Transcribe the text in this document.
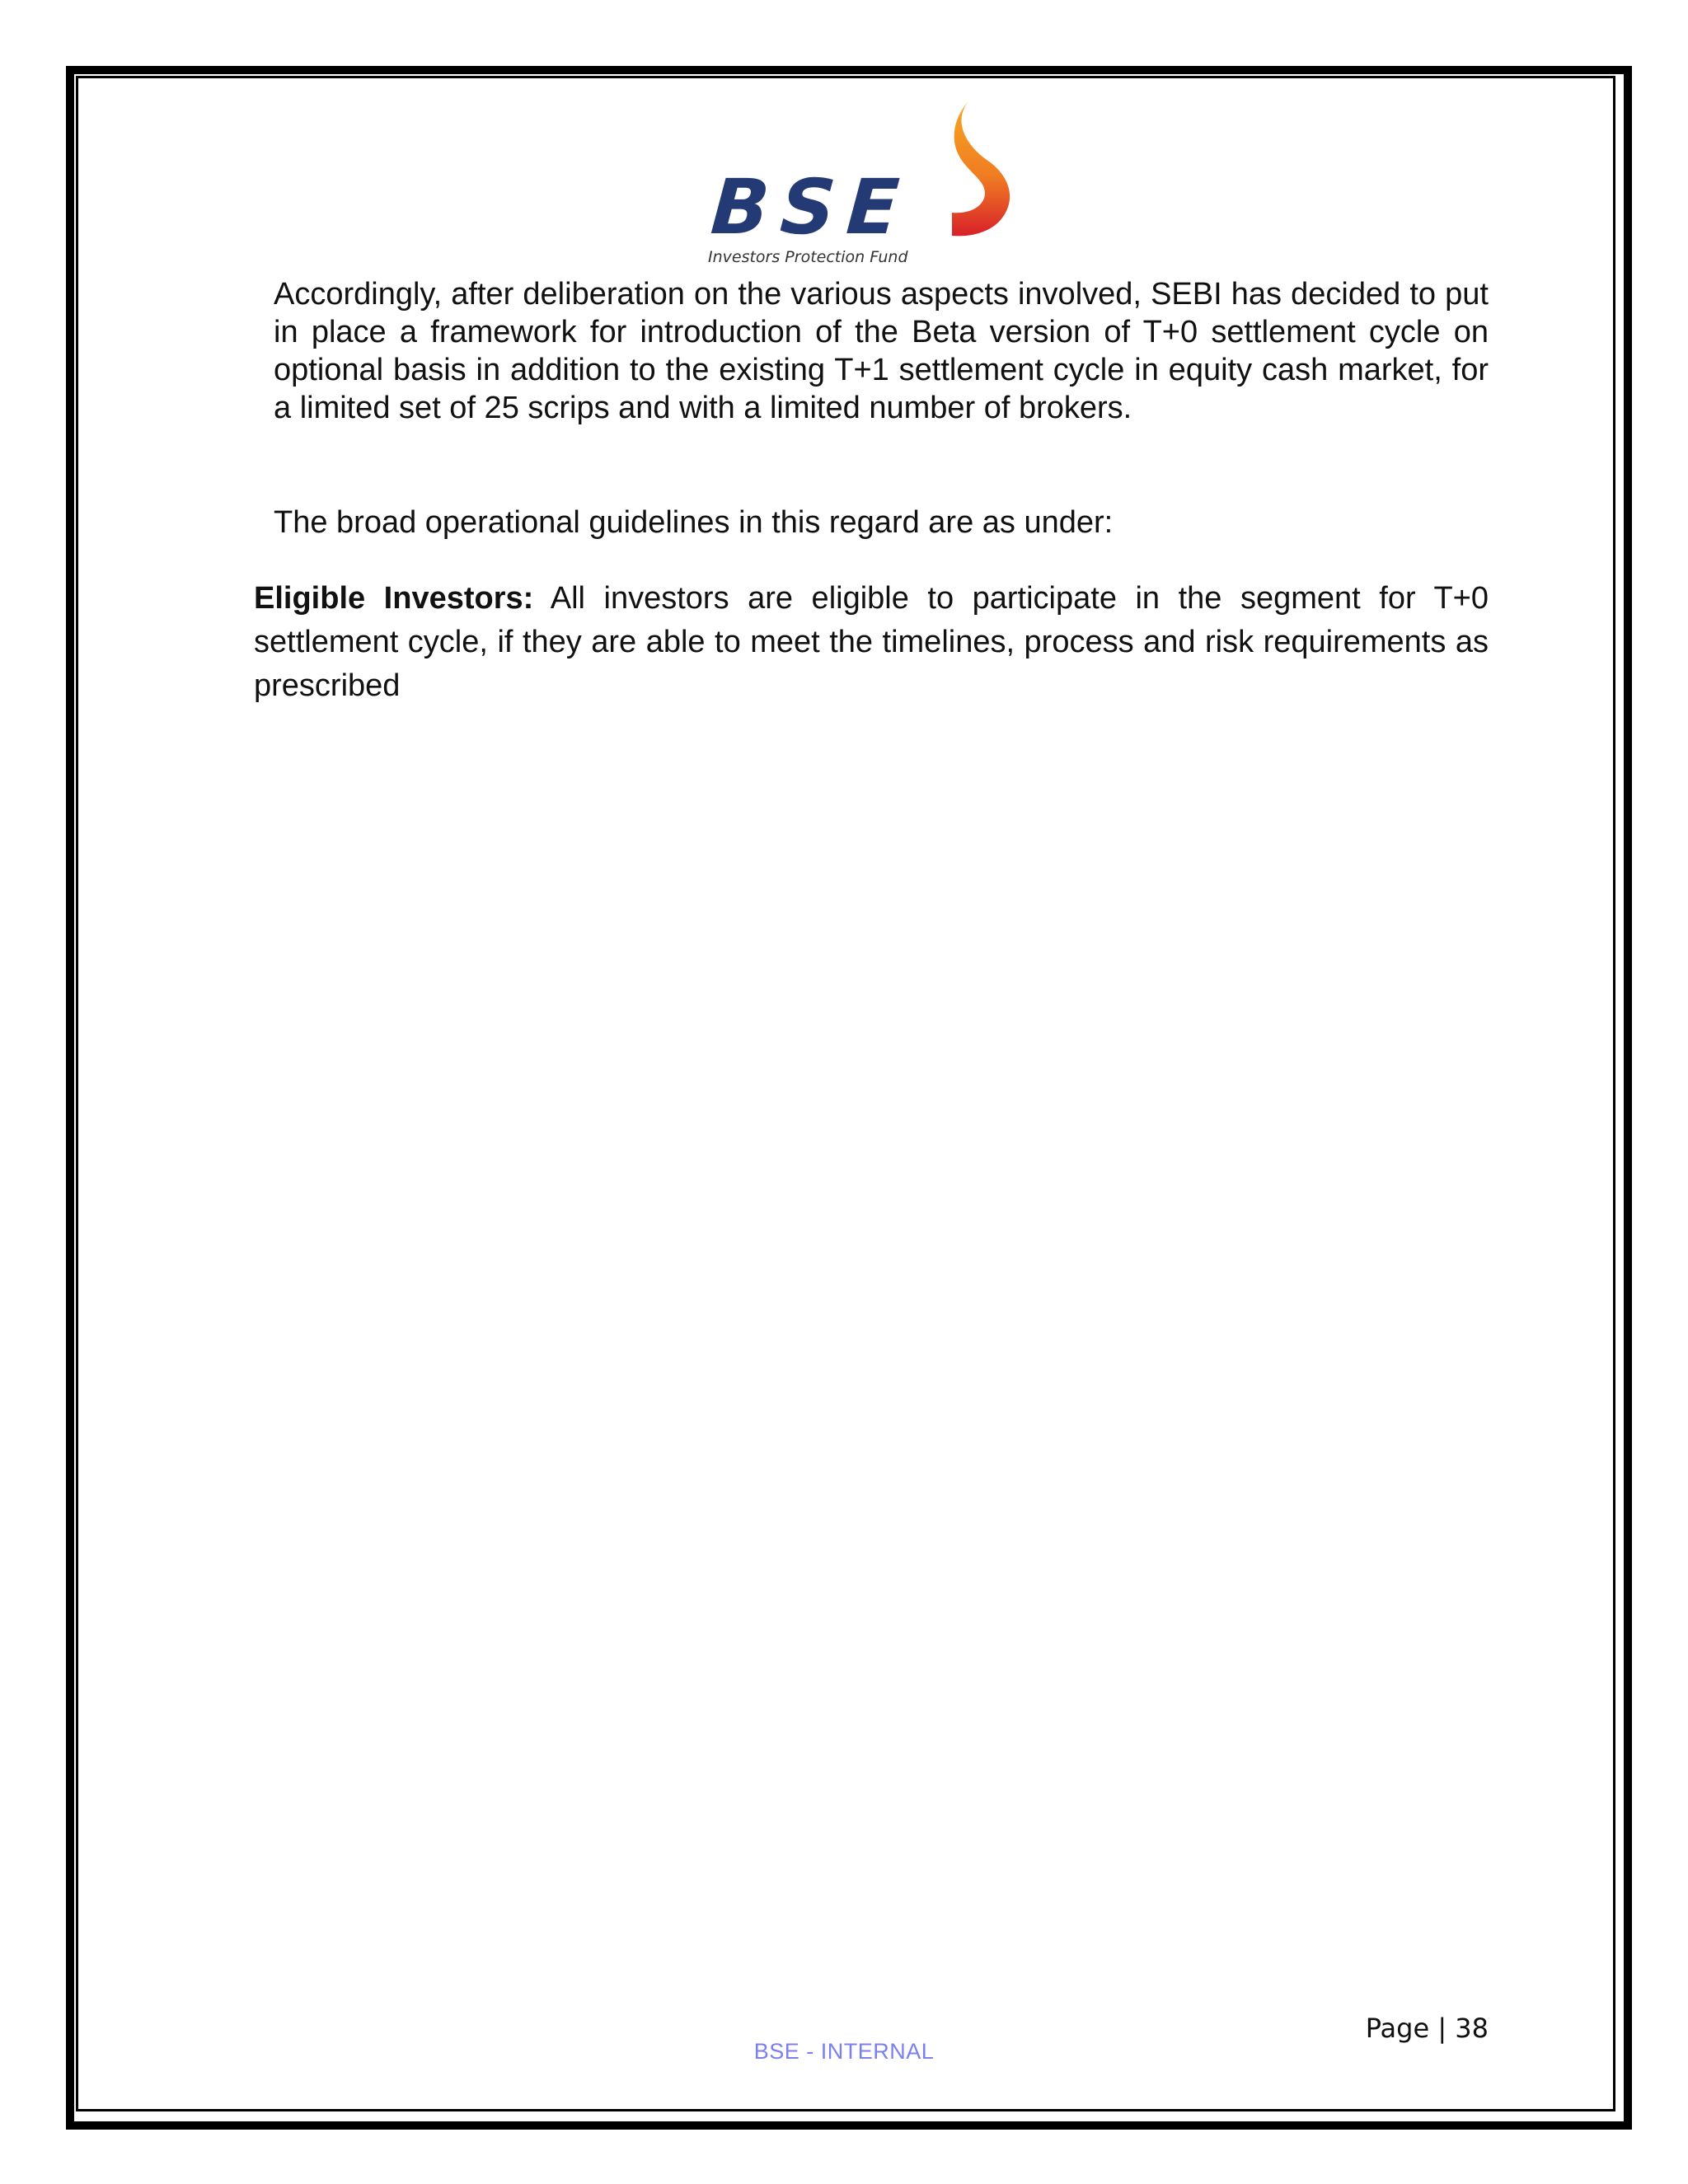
BSE
Investors Protection Fund

Accordingly, after deliberation on the various aspects involved, SEBI has decided to put in place a framework for introduction of the Beta version of T+0 settlement cycle on optional basis in addition to the existing T+1 settlement cycle in equity cash market, for a limited set of 25 scrips and with a limited number of brokers.

The broad operational guidelines in this regard are as under:

Eligible Investors: All investors are eligible to participate in the segment for T+0 settlement cycle, if they are able to meet the timelines, process and risk requirements as prescribed

Page | 38
BSE - INTERNAL
